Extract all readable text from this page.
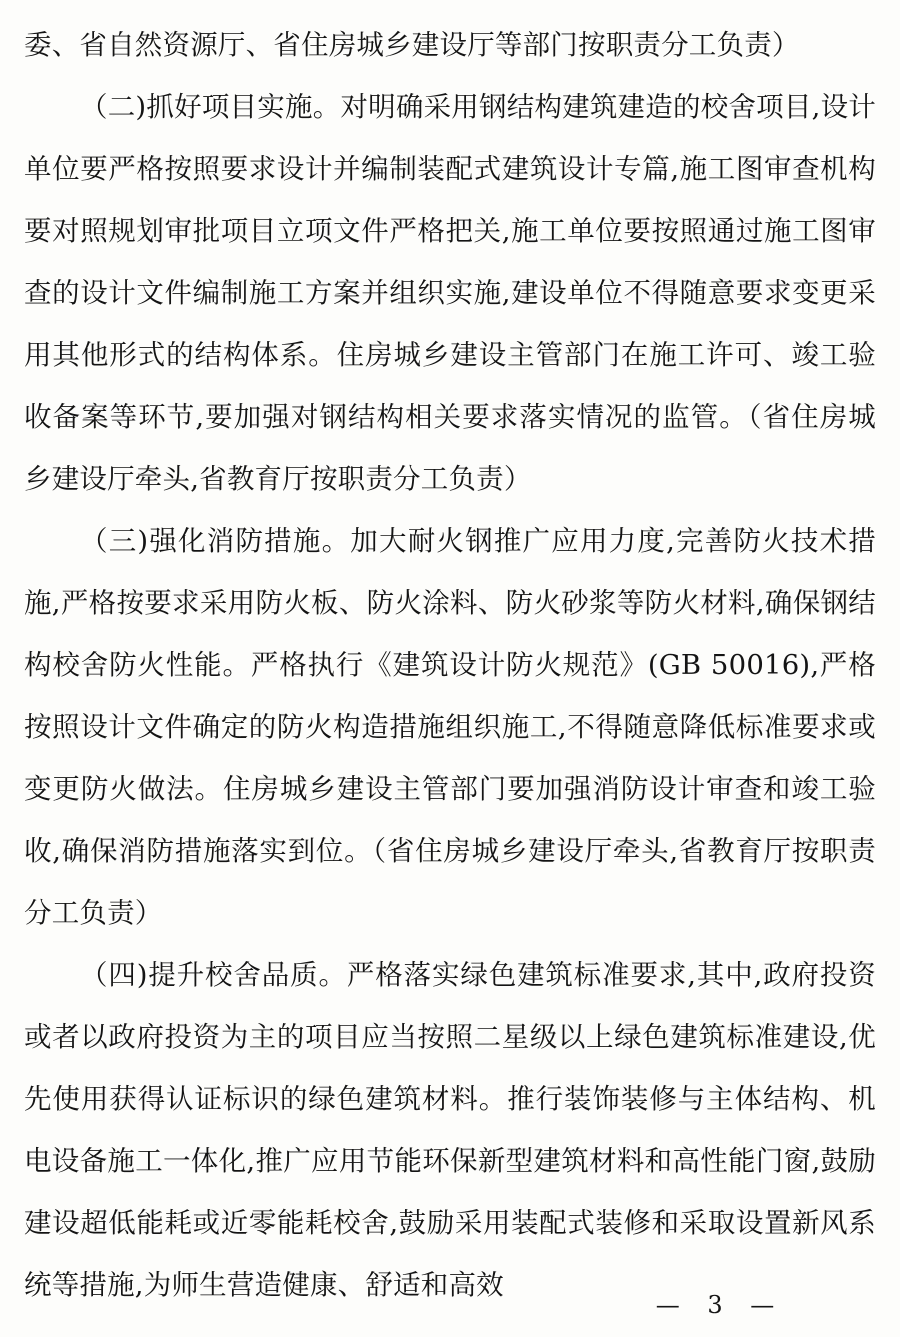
委、省自然资源厅、省住房城乡建设厅等部门按职责分工负责）

（二)抓好项目实施。对明确采用钢结构建筑建造的校舍项目,设计单位要严格按照要求设计并编制装配式建筑设计专篇,施工图审查机构要对照规划审批项目立项文件严格把关,施工单位要按照通过施工图审查的设计文件编制施工方案并组织实施,建设单位不得随意要求变更采用其他形式的结构体系。住房城乡建设主管部门在施工许可、竣工验收备案等环节,要加强对钢结构相关要求落实情况的监管。（省住房城乡建设厅牵头,省教育厅按职责分工负责）

（三)强化消防措施。加大耐火钢推广应用力度,完善防火技术措施,严格按要求采用防火板、防火涂料、防火砂浆等防火材料,确保钢结构校舍防火性能。严格执行《建筑设计防火规范》(GB 50016),严格按照设计文件确定的防火构造措施组织施工,不得随意降低标准要求或变更防火做法。住房城乡建设主管部门要加强消防设计审查和竣工验收,确保消防措施落实到位。（省住房城乡建设厅牵头,省教育厅按职责分工负责）

（四)提升校舍品质。严格落实绿色建筑标准要求,其中,政府投资或者以政府投资为主的项目应当按照二星级以上绿色建筑标准建设,优先使用获得认证标识的绿色建筑材料。推行装饰装修与主体结构、机电设备施工一体化,推广应用节能环保新型建筑材料和高性能门窗,鼓励建设超低能耗或近零能耗校舍,鼓励采用装配式装修和采取设置新风系统等措施,为师生营造健康、舒适和高效

— 3 —
